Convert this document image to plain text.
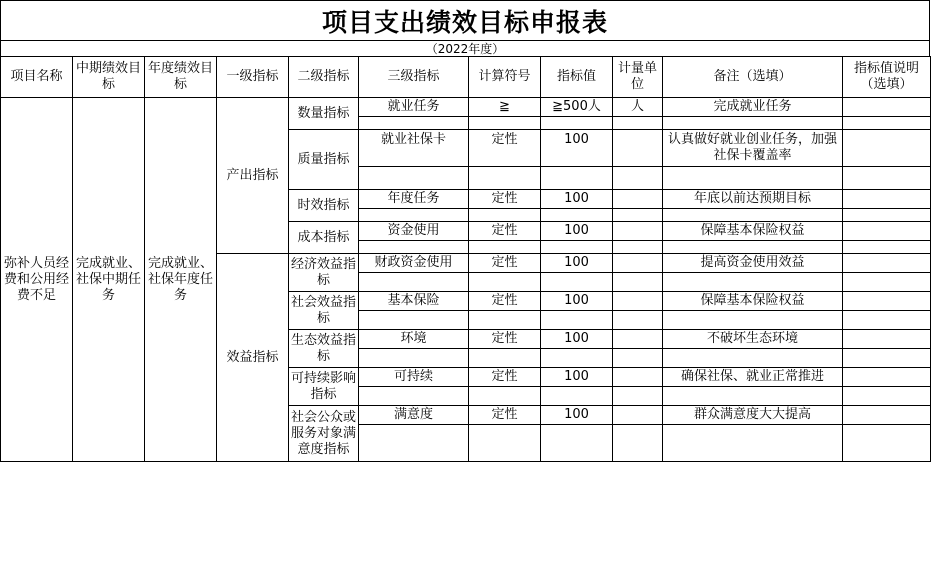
项目支出绩效目标申报表
（2022年度）
项目名称	中期绩效目标	年度绩效目标	一级指标	二级指标	三级指标	计算符号	指标值	计量单位	备注（选填）	指标值说明（选填）
弥补人员经费和公用经费不足	完成就业、社保中期任务	完成就业、社保年度任务	产出指标	数量指标	就业任务	≧	≧500人	人	完成就业任务	

				质量指标	就业社保卡	定性	100		认真做好就业创业任务，加强社保卡覆盖率	

				时效指标	年度任务	定性	100		年底以前达预期目标	

				成本指标	资金使用	定性	100		保障基本保险权益	

			效益指标	经济效益指标	财政资金使用	定性	100		提高资金使用效益	

				社会效益指标	基本保险	定性	100		保障基本保险权益	

				生态效益指标	环境	定性	100		不破坏生态环境	

				可持续影响指标	可持续	定性	100		确保社保、就业正常推进	

				社会公众或服务对象满意度指标	满意度	定性	100		群众满意度大大提高	
